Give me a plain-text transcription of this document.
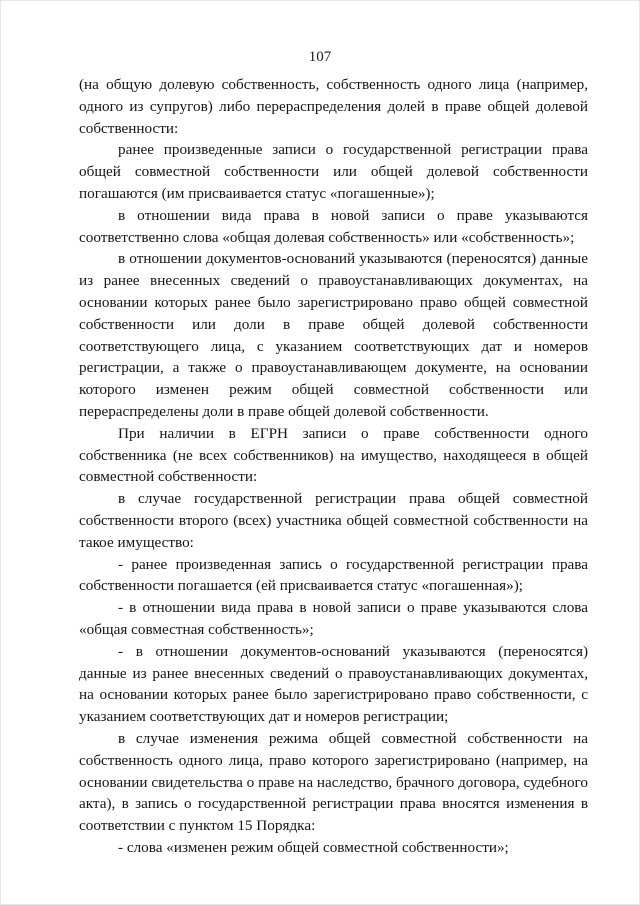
107

(на общую долевую собственность, собственность одного лица (например, одного из супругов) либо перераспределения долей в праве общей долевой собственности:

ранее произведенные записи о государственной регистрации права общей совместной собственности или общей долевой собственности погашаются (им присваивается статус «погашенные»);

в отношении вида права в новой записи о праве указываются соответственно слова «общая долевая собственность» или «собственность»;

в отношении документов-оснований указываются (переносятся) данные из ранее внесенных сведений о правоустанавливающих документах, на основании которых ранее было зарегистрировано право общей совместной собственности или доли в праве общей долевой собственности соответствующего лица, с указанием соответствующих дат и номеров регистрации, а также о правоустанавливающем документе, на основании которого изменен режим общей совместной собственности или перераспределены доли в праве общей долевой собственности.

При наличии в ЕГРН записи о праве собственности одного собственника (не всех собственников) на имущество, находящееся в общей совместной собственности:

в случае государственной регистрации права общей совместной собственности второго (всех) участника общей совместной собственности на такое имущество:

- ранее произведенная запись о государственной регистрации права собственности погашается (ей присваивается статус «погашенная»);

- в отношении вида права в новой записи о праве указываются слова «общая совместная собственность»;

- в отношении документов-оснований указываются (переносятся) данные из ранее внесенных сведений о правоустанавливающих документах, на основании которых ранее было зарегистрировано право собственности, с указанием соответствующих дат и номеров регистрации;

в случае изменения режима общей совместной собственности на собственность одного лица, право которого зарегистрировано (например, на основании свидетельства о праве на наследство, брачного договора, судебного акта), в запись о государственной регистрации права вносятся изменения в соответствии с пунктом 15 Порядка:

- слова «изменен режим общей совместной собственности»;
